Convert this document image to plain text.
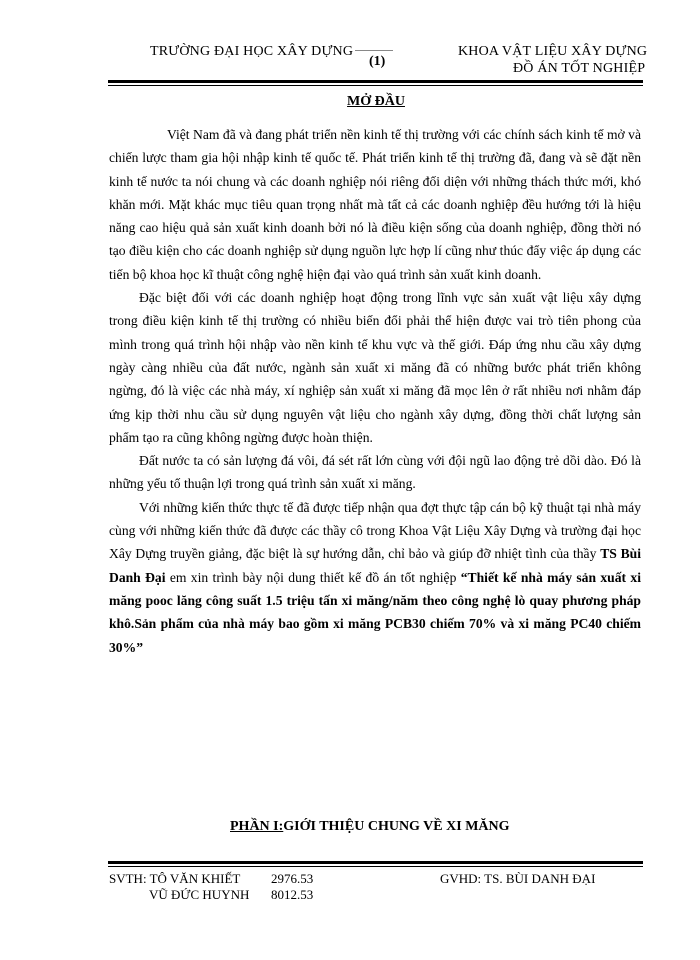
TRƯỜNG ĐẠI HỌC XÂY DỰNG
(1)
KHOA VẬT LIỆU XÂY DỰNG
ĐỒ ÁN TỐT NGHIỆP
MỞ ĐẦU

Việt Nam đã và đang phát triển nền kinh tế thị trường với các chính sách kinh tế mở và chiến lược tham gia hội nhập kinh tế quốc tế. Phát triển kinh tế thị trường đã, đang và sẽ đặt nền kinh tế nước ta nói chung và các doanh nghiệp nói riêng đối diện với những thách thức mới, khó khăn mới. Mặt khác mục tiêu quan trọng nhất mà tất cả các doanh nghiệp đều hướng tới là hiệu năng cao hiệu quả sản xuất kinh doanh bởi nó là điều kiện sống của doanh nghiệp, đồng thời nó tạo điều kiện cho các doanh nghiệp sử dụng nguồn lực hợp lí cũng như thúc đẩy việc áp dụng các tiến bộ khoa học kĩ thuật công nghệ hiện đại vào quá trình sản xuất kinh doanh.

Đặc biệt đối với các doanh nghiệp hoạt động trong lĩnh vực sản xuất vật liệu xây dựng trong điều kiện kinh tế thị trường có nhiều biến đổi phải thể hiện được vai trò tiên phong của mình trong quá trình hội nhập vào nền kinh tế khu vực và thế giới. Đáp ứng nhu cầu xây dựng ngày càng nhiều của đất nước, ngành sản xuất xi măng đã có những bước phát triển không ngừng, đó là việc các nhà máy, xí nghiệp sản xuất xi măng đã mọc lên ở rất nhiều nơi nhằm đáp ứng kịp thời nhu cầu sử dụng nguyên vật liệu cho ngành xây dựng, đồng thời chất lượng sản phẩm tạo ra cũng không ngừng được hoàn thiện.

Đất nước ta có sản lượng đá vôi, đá sét rất lớn cùng với đội ngũ lao động trẻ dồi dào. Đó là những yếu tố thuận lợi trong quá trình sản xuất xi măng.

Với những kiến thức thực tế đã được tiếp nhận qua đợt thực tập cán bộ kỹ thuật tại nhà máy cùng với những kiến thức đã được các thầy cô trong Khoa Vật Liệu Xây Dựng và trường đại học Xây Dựng truyền giảng, đặc biệt là sự hướng dẫn, chỉ bảo và giúp đỡ nhiệt tình của thầy TS Bùi Danh Đại em xin trình bày nội dung thiết kế đồ án tốt nghiệp “Thiết kế nhà máy sản xuất xi măng pooc lăng công suất 1.5 triệu tấn xi măng/năm theo công nghệ lò quay phương pháp khô.Sản phẩm của nhà máy bao gồm xi măng PCB30 chiếm 70% và xi măng PC40 chiếm 30%”

PHẦN I:GIỚI THIỆU CHUNG VỀ XI MĂNG
SVTH: TÔ VĂN KHIẾT 2976.53
VŨ ĐỨC HUYNH 8012.53
GVHD: TS. BÙI DANH ĐẠI
